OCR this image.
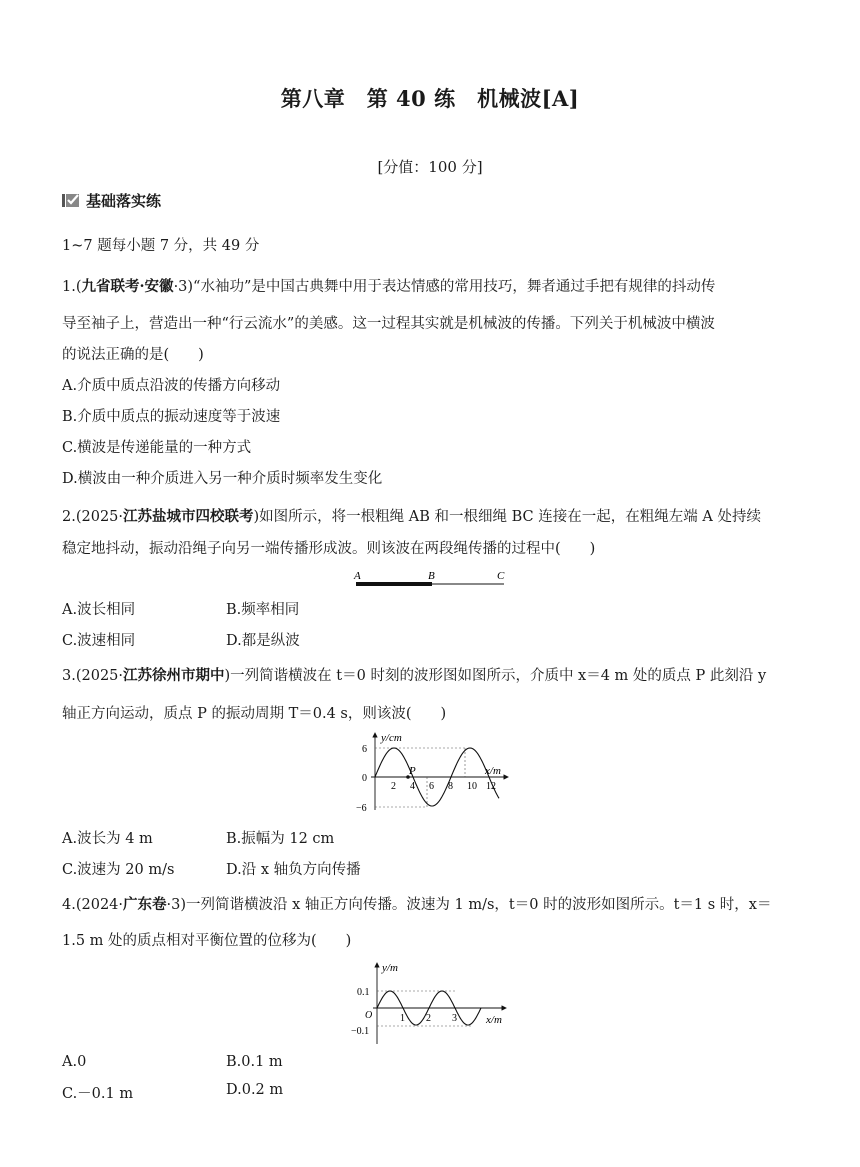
第八章　第 40 练　机械波[A]
[分值：100 分]
基础落实练
1~7 题每小题 7 分，共 49 分
1.(九省联考·安徽·3)“水袖功”是中国古典舞中用于表达情感的常用技巧，舞者通过手把有规律的抖动传
导至袖子上，营造出一种“行云流水”的美感。这一过程其实就是机械波的传播。下列关于机械波中横波
的说法正确的是(　　)
A.介质中质点沿波的传播方向移动
B.介质中质点的振动速度等于波速
C.横波是传递能量的一种方式
D.横波由一种介质进入另一种介质时频率发生变化
2.(2025·江苏盐城市四校联考)如图所示，将一根粗绳 AB 和一根细绳 BC 连接在一起，在粗绳左端 A 处持续
稳定地抖动，振动沿绳子向另一端传播形成波。则该波在两段绳传播的过程中(　　)
A	B	C
A.波长相同	B.频率相同
C.波速相同	D.都是纵波
3.(2025·江苏徐州市期中)一列简谐横波在 t＝0 时刻的波形图如图所示，介质中 x＝4 m 处的质点 P 此刻沿 y
轴正方向运动，质点 P 的振动周期 T＝0.4 s，则该波(　　)
y/cm
x/m
0
6
−6
P
2 4 6 8 10 12
A.波长为 4 m	B.振幅为 12 cm
C.波速为 20 m/s	D.沿 x 轴负方向传播
4.(2024·广东卷·3)一列简谐横波沿 x 轴正方向传播。波速为 1 m/s，t＝0 时的波形如图所示。t＝1 s 时，x＝
1.5 m 处的质点相对平衡位置的位移为(　　)
y/m
x/m
O
0.1
−0.1
1 2 3
A.0	B.0.1 m
C.－0.1 m	D.0.2 m
